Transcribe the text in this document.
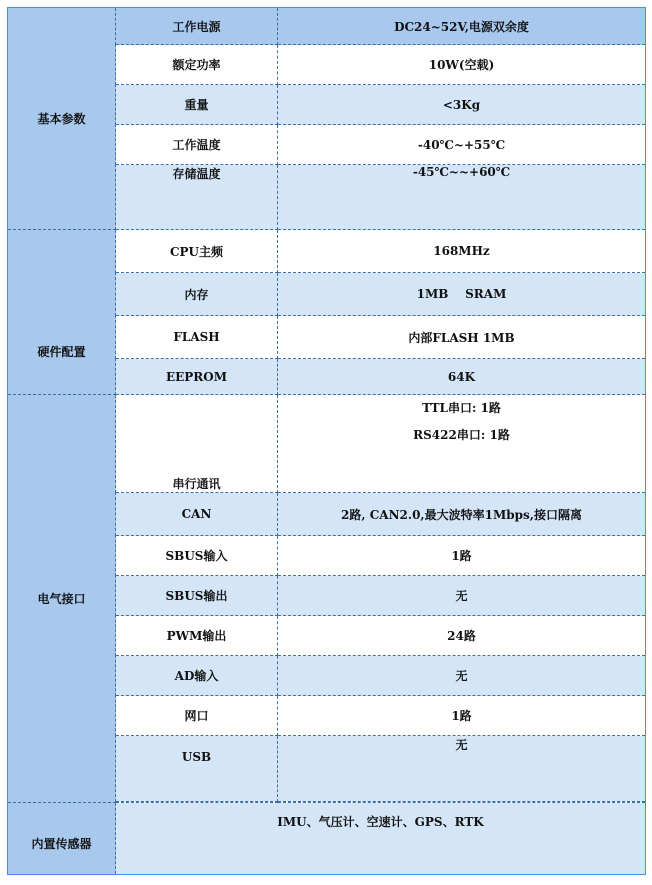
基本参数	工作电源	DC24~52V,电源双余度
	额定功率	10W(空载)
	重量	<3Kg
	工作温度	-40℃~+55℃
	存储温度	-45℃~~+60℃

硬件配置	CPU主频	168MHz
	内存	1MB    SRAM
	FLASH	内部FLASH 1MB
	EEPROM	64K
电气接口	串行通讯	TTL串口: 1路
RS422串口: 1路

	CAN	2路, CAN2.0,最大波特率1Mbps,接口隔离
	SBUS输入	1路
	SBUS输出	无
	PWM输出	24路
	AD输入	无
	网口	1路
	USB	无

内置传感器	IMU、气压计、空速计、GPS、RTK	
